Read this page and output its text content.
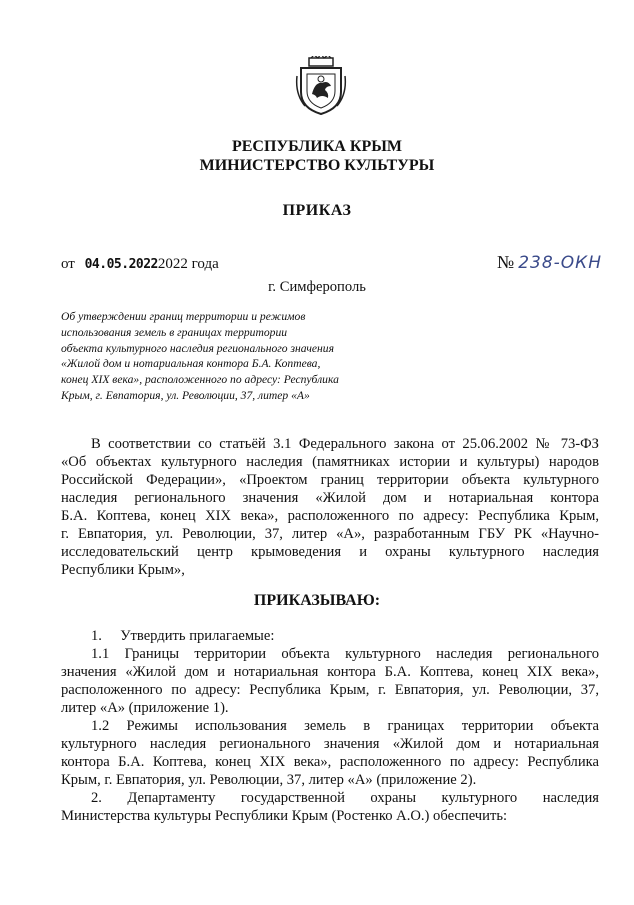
РЕСПУБЛИКА КРЫМ
МИНИСТЕРСТВО КУЛЬТУРЫ
ПРИКАЗ
от 04.05.20222022 года	№ 238-ОКН
г. Симферополь
Об утверждении границ территории и режимов
использования земель в границах территории
объекта культурного наследия регионального значения
«Жилой дом и нотариальная контора Б.А. Коптева,
конец XIX века», расположенного по адресу: Республика
Крым, г. Евпатория, ул. Революции, 37, литер «А»
В соответствии со статьёй 3.1 Федерального закона от 25.06.2002 № 73-ФЗ
«Об объектах культурного наследия (памятниках истории и культуры) народов
Российской Федерации», «Проектом границ территории объекта культурного
наследия регионального значения «Жилой дом и нотариальная контора
Б.А. Коптева, конец XIX века», расположенного по адресу: Республика Крым,
г. Евпатория, ул. Революции, 37, литер «А», разработанным ГБУ РК «Научно-
исследовательский центр крымоведения и охраны культурного наследия
Республики Крым»,
ПРИКАЗЫВАЮ:
1.     Утвердить прилагаемые:
1.1 Границы территории объекта культурного наследия регионального
значения «Жилой дом и нотариальная контора Б.А. Коптева, конец XIX века»,
расположенного по адресу: Республика Крым, г. Евпатория, ул. Революции, 37,
литер «А» (приложение 1).
1.2 Режимы использования земель в границах территории объекта
культурного наследия регионального значения «Жилой дом и нотариальная
контора Б.А. Коптева, конец XIX века», расположенного по адресу: Республика
Крым, г. Евпатория, ул. Революции, 37, литер «А» (приложение 2).
2.     Департаменту     государственной     охраны     культурного     наследия
Министерства культуры Республики Крым (Ростенко А.О.) обеспечить:
